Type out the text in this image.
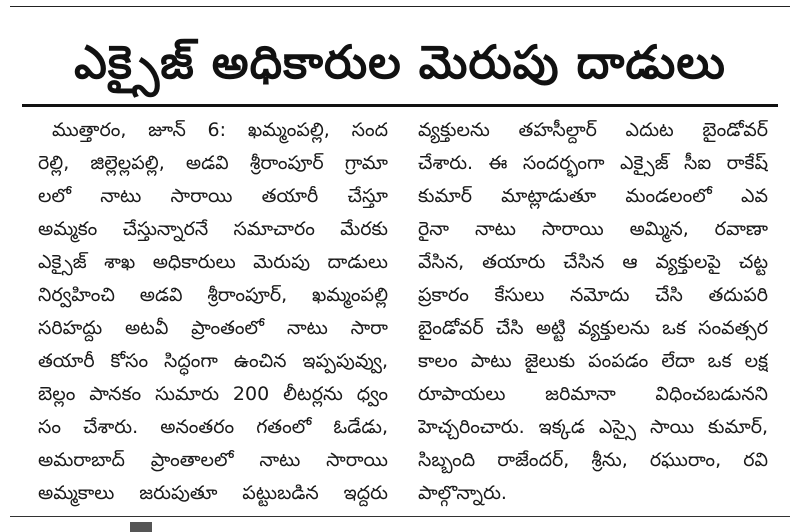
ఎక్సైజ్ అధికారుల మెరుపు దాడులు
ముత్తారం, జూన్ 6: ఖమ్మంపల్లి, సంద
రెల్లి, జిల్లెల్లపల్లి, అడవి శ్రీరాంపూర్ గ్రామా
లలో నాటు సారాయి తయారీ చేస్తూ
అమ్మకం చేస్తున్నారనే సమాచారం మేరకు
ఎక్సైజ్ శాఖ అధికారులు మెరుపు దాడులు
నిర్వహించి అడవి శ్రీరాంపూర్, ఖమ్మంపల్లి
సరిహద్దు అటవీ ప్రాంతంలో నాటు సారా
తయారీ కోసం సిద్ధంగా ఉంచిన ఇప్పపువ్వు,
బెల్లం పానకం సుమారు 200 లీటర్లను ధ్వం
సం చేశారు. అనంతరం గతంలో ఓడేడు,
అమరాబాద్ ప్రాంతాలలో నాటు సారాయి
అమ్మకాలు జరుపుతూ పట్టుబడిన ఇద్దరు
వ్యక్తులను తహసీల్దార్ ఎదుట బైండోవర్
చేశారు. ఈ సందర్భంగా ఎక్సైజ్ సీఐ రాకేష్
కుమార్ మాట్లాడుతూ మండలంలో ఎవ
రైనా నాటు సారాయి అమ్మిన, రవాణా
వేసిన, తయారు చేసిన ఆ వ్యక్తులపై చట్ట
ప్రకారం కేసులు నమోదు చేసి తదుపరి
బైండోవర్ చేసి అట్టి వ్యక్తులను ఒక సంవత్సర
కాలం పాటు జైలుకు పంపడం లేదా ఒక లక్ష
రూపాయలు జరిమానా విధించబడునని
హెచ్చరించారు. ఇక్కడ ఎస్సై సాయి కుమార్,
సిబ్బంది రాజేందర్, శ్రీను, రఘురాం, రవి
పాల్గొన్నారు.
